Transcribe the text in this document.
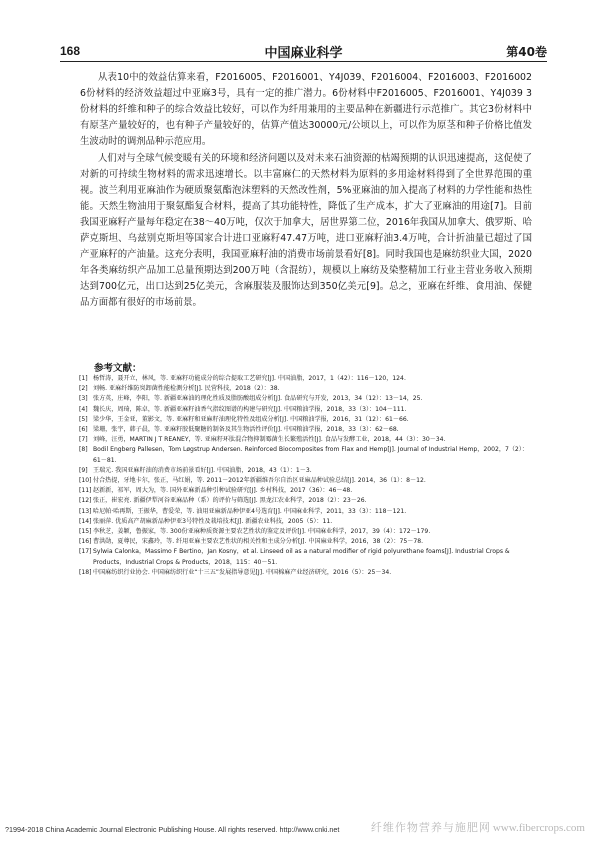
168	中国麻业科学	第40卷

从表10中的效益估算来看，F2016005、F2016001、Y4J039、F2016004、F2016003、F2016002 6份材料的经济效益超过中亚麻3号，具有一定的推广潜力。6份材料中F2016005、F2016001、Y4J039 3份材料的纤维和种子的综合效益比较好，可以作为纤用兼用的主要品种在新疆进行示范推广。其它3份材料中有原茎产量较好的，也有种子产量较好的，估算产值达30000元/公顷以上，可以作为原茎和种子价格比值发生波动时的调剂品种示范应用。

人们对与全球气候变暖有关的环境和经济问题以及对未来石油资源的枯竭预期的认识迅速提高，这促使了对新的可持续生物材料的需求迅速增长。以丰富麻仁的天然材料为原料的多用途材料得到了全世界范围的重视。波兰利用亚麻油作为硬质聚氨酯泡沫塑料的天然改性剂，5%亚麻油的加入提高了材料的力学性能和热性能。天然生物油用于聚氨酯复合材料，提高了其功能特性，降低了生产成本，扩大了亚麻油的用途[7]。目前我国亚麻籽产量每年稳定在38～40万吨，仅次于加拿大，居世界第二位，2016年我国从加拿大、俄罗斯、哈萨克斯坦、乌兹别克斯坦等国家合计进口亚麻籽47.47万吨，进口亚麻籽油3.4万吨，合计折油量已超过了国产亚麻籽的产油量。这充分表明，我国亚麻籽油的消费市场前景看好[8]。同时我国也是麻纺织业大国，2020年各类麻纺织产品加工总量预期达到200万吨（含混纺），规模以上麻纺及染整精加工行业主营业务收入预期达到700亿元，出口达到25亿美元，含麻服装及服饰达到350亿美元[9]。总之，亚麻在纤维、食用油、保健品方面都有很好的市场前景。

参考文献：
[1] 杨哲涛，聂开立，林风，等. 亚麻籽功能成分的综合提取工艺研究[J]. 中国油脂，2017，1（42）：116－120，124.
[2] 刘畅. 亚麻纤维防臭卸菌性能检测分析[J]. 民营科技，2018（2）：38.
[3] 张方英，庄峰，李阳，等. 新疆亚麻油的理化性质及脂肪酸组成分析[J]. 食品研究与开发，2013，34（12）：13－14，25.
[4] 魏长庆，周琦，陈卓，等. 新疆亚麻籽油香气指纹图谱的构建与研究[J]. 中国粮油学报，2018，33（3）：104－111.
[5] 梁少华，王金亚，董影文，等. 亚麻籽和亚麻籽油理化特性及组成分析[J]. 中国粮油学报，2016，31（12）：61－66.
[6] 梁珊，张宇，韩子晨，等. 亚麻籽胶低聚糖的制备及其生物活性评价[J]. 中国粮油学报，2018，33（3）：62－68.
[7] 刘峰，汪勇，MARTIN J T REANEY，等. 亚麻籽环肽混合物抑制霉菌生长繁殖活性[J]. 食品与发酵工业，2018，44（3）：30－34.
[8] Bodil Engberg Pallesen，Tom Løgstrup Andersen. Reinforced Biocomposites from Flax and Hemp[J]. Journal of Industrial Hemp，2002，7（2）：61－81.
[9] 王瑞元. 我国亚麻籽油的消费市场前景看好[J]. 中国油脂，2018，43（1）：1－3.
[10] 付合热提，牙地卡尔，张正，马红娟，等. 2011－2012年新疆维吾尔自治区亚麻品种试验总结[J]. 2014，36（1）：8－12.
[11] 赵新新，祁军，周大为，等. 国外亚麻新品种引种试验研究[J]. 乡村科技，2017（36）：46－48.
[12] 张正，崔宏亮. 新疆伊犁河谷亚麻品种（系）的评价与筛选[J]. 黑龙江农业科学，2018（2）：23－26.
[13] 哈尼帕·哈再斯，王振华，曹爱荣，等. 油用亚麻新品种伊亚4号选育[J]. 中国麻业科学，2011，33（3）：118－121.
[14] 张丽萍. 优质高产胡麻新品种伊亚3号特性及栽培技术[J]. 新疆农业科技，2005（5）：11.
[15] 李秋芝，姜颖，鲁振家，等. 300份亚麻种质资源主要农艺性状的鉴定及评价[J]. 中国麻业科学，2017，39（4）：172－179.
[16] 曹洪勋，夏尊民，宋鑫玲，等. 纤用亚麻主要农艺性状的相关性和主成分分析[J]. 中国麻业科学，2016，38（2）：75－78.
[17] Sylwia Calonka，Massimo F Bertino，Jan Kosny，et al. Linseed oil as a natural modifier of rigid polyurethane foams[J]. Industrial Crops & Products，Industrial Crops & Products，2018，115：40－51.
[18] 中国麻纺织行业协会. 中国麻纺织行业“十三五”发展指导意见[J]. 中国棉麻产业经济研究，2016（5）：25－34.
?1994-2018 China Academic Journal Electronic Publishing House. All rights reserved. http://www.cnki.net	纤维作物营养与施肥网 www.fibercrops.com
